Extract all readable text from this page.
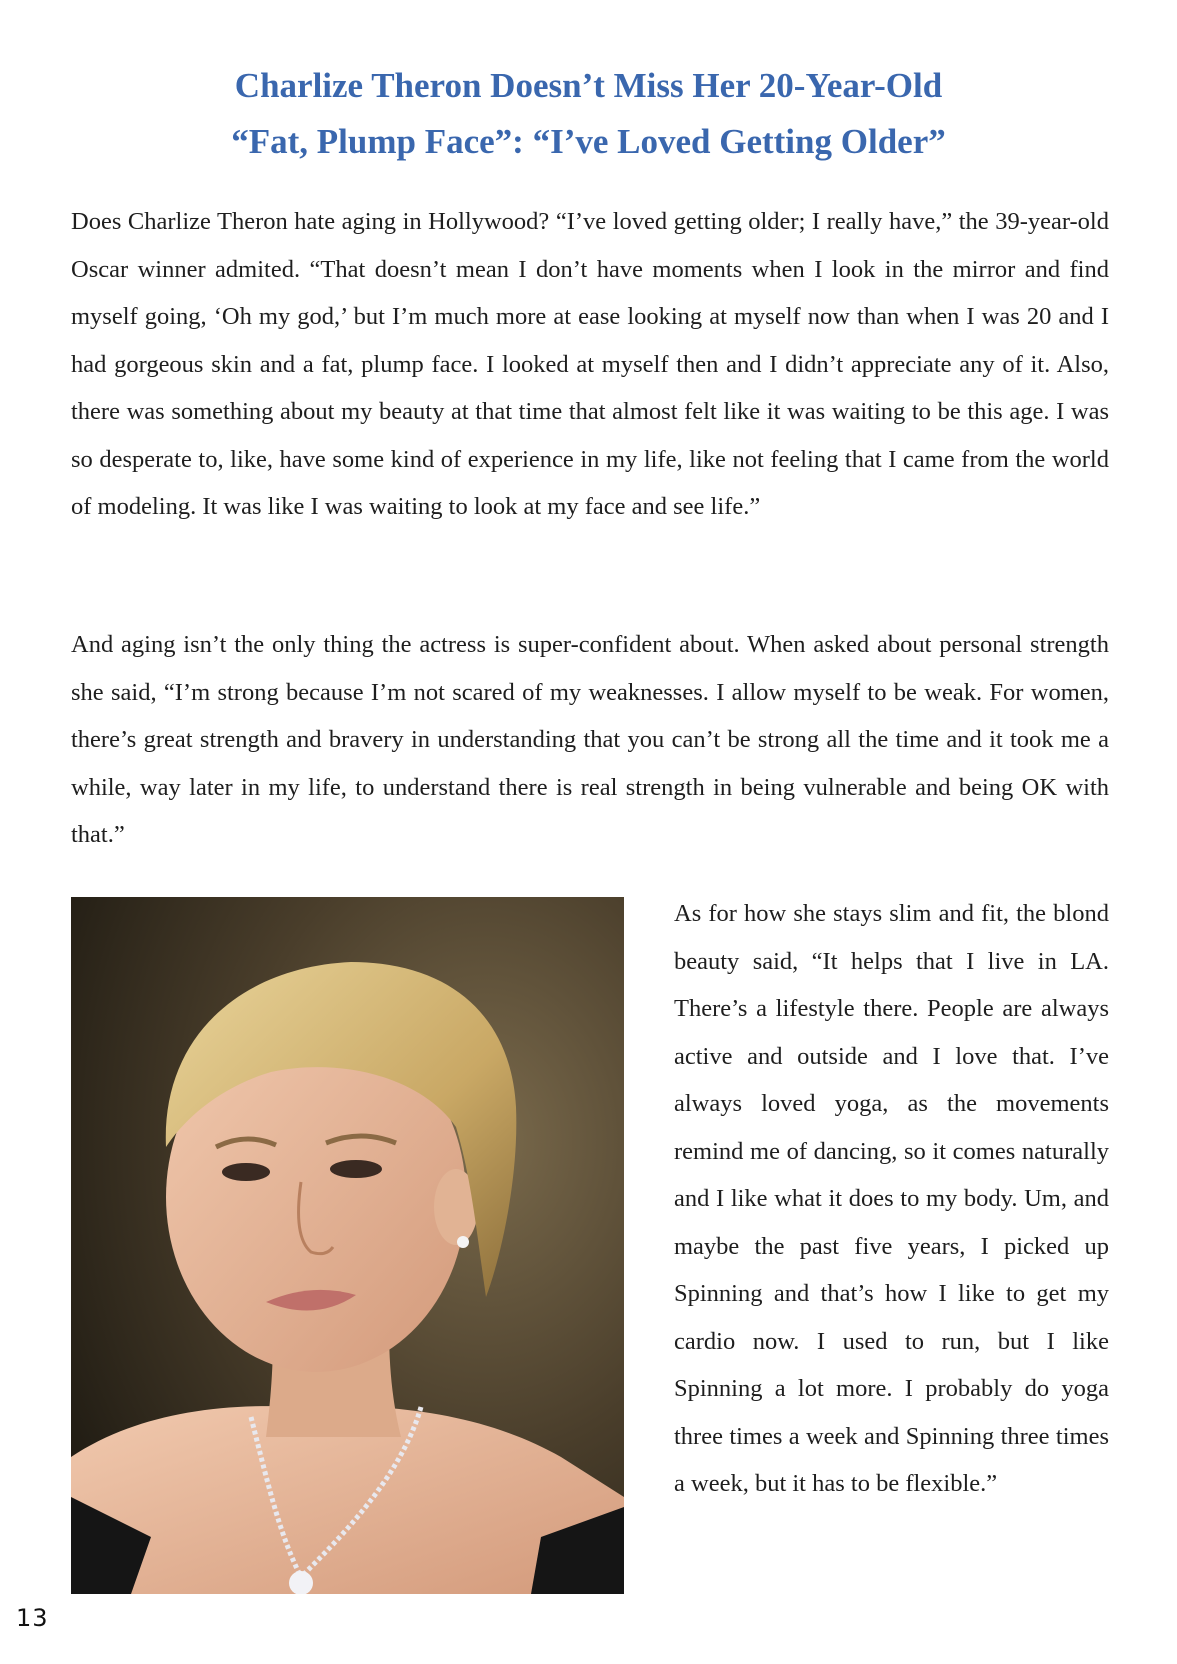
Charlize Theron Doesn’t Miss Her 20-Year-Old
“Fat, Plump Face”: “I’ve Loved Getting Older”

Does Charlize Theron hate aging in Hollywood? “I’ve loved getting older; I really have,” the 39-year-old Oscar winner admited. “That doesn’t mean I don’t have moments when I look in the mirror and find myself going, ‘Oh my god,’ but I’m much more at ease looking at myself now than when I was 20 and I had gorgeous skin and a fat, plump face. I looked at myself then and I didn’t appreciate any of it. Also, there was something about my beauty at that time that almost felt like it was waiting to be this age. I was so desperate to, like, have some kind of experience in my life, like not feeling that I came from the world of modeling. It was like I was waiting to look at my face and see life.”

And aging isn’t the only thing the actress is super-confident about. When asked about personal strength she said, “I’m strong because I’m not scared of my weaknesses. I allow myself to be weak. For women, there’s great strength and bravery in understanding that you can’t be strong all the time and it took me a while, way later in my life, to understand there is real strength in being vulnerable and being OK with that.”

As for how she stays slim and fit, the blond beauty said, “It helps that I live in LA. There’s a lifestyle there. People are always active and outside and I love that. I’ve always loved yoga, as the movements remind me of dancing, so it comes naturally and I like what it does to my body. Um, and maybe the past five years, I picked up Spinning and that’s how I like to get my cardio now. I used to run, but I like Spinning a lot more. I probably do yoga three times a week and Spinning three times a week, but it has to be flexible.”

13
